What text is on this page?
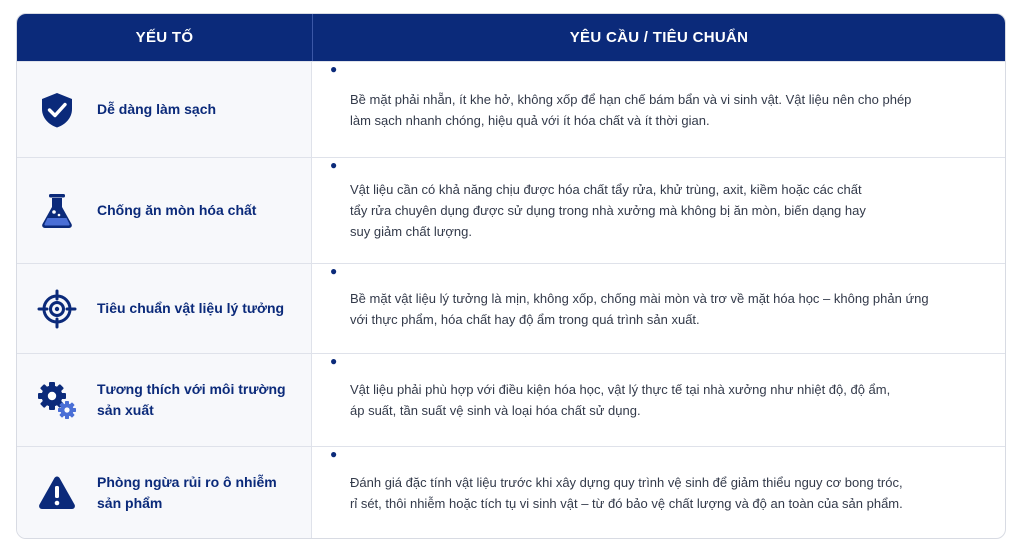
YẾU TỐ	YÊU CẦU / TIÊU CHUẨN
Dễ dàng làm sạch
●
Bề mặt phải nhẵn, ít khe hở, không xốp để hạn chế bám bẩn và vi sinh vật. Vật liệu nên cho phép
làm sạch nhanh chóng, hiệu quả với ít hóa chất và ít thời gian.
Chống ăn mòn hóa chất
●
Vật liệu cần có khả năng chịu được hóa chất tẩy rửa, khử trùng, axit, kiềm hoặc các chất
tẩy rửa chuyên dụng được sử dụng trong nhà xưởng mà không bị ăn mòn, biến dạng hay
suy giảm chất lượng.
Tiêu chuẩn vật liệu lý tưởng
●
Bề mặt vật liệu lý tưởng là mịn, không xốp, chống mài mòn và trơ về mặt hóa học – không phản ứng
với thực phẩm, hóa chất hay độ ẩm trong quá trình sản xuất.
Tương thích với môi trường
sản xuất
●
Vật liệu phải phù hợp với điều kiện hóa học, vật lý thực tế tại nhà xưởng như nhiệt độ, độ ẩm,
áp suất, tần suất vệ sinh và loại hóa chất sử dụng.
Phòng ngừa rủi ro ô nhiễm
sản phẩm
●
Đánh giá đặc tính vật liệu trước khi xây dựng quy trình vệ sinh để giảm thiểu nguy cơ bong tróc,
rỉ sét, thôi nhiễm hoặc tích tụ vi sinh vật – từ đó bảo vệ chất lượng và độ an toàn của sản phẩm.
